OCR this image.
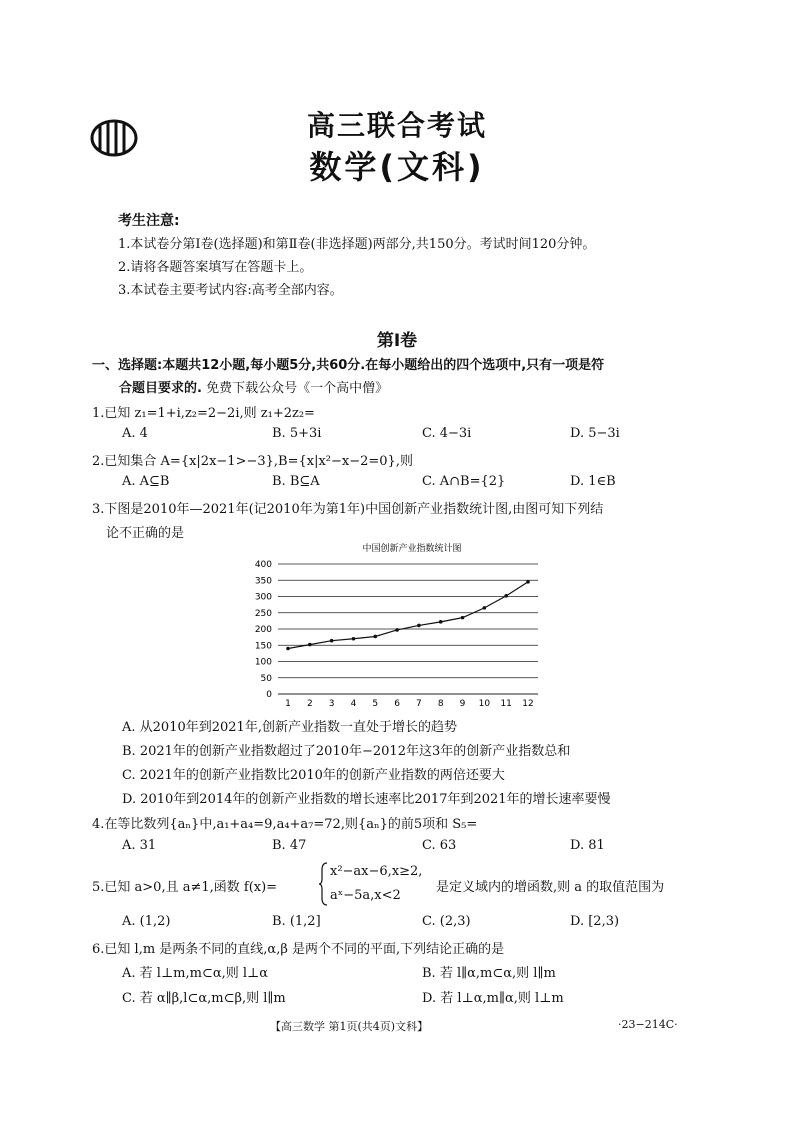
高三联合考试
数学(文科)
考生注意:
1.本试卷分第Ⅰ卷(选择题)和第Ⅱ卷(非选择题)两部分,共150分。考试时间120分钟。
2.请将各题答案填写在答题卡上。
3.本试卷主要考试内容:高考全部内容。
第Ⅰ卷
一、选择题:本题共12小题,每小题5分,共60分.在每小题给出的四个选项中,只有一项是符
合题目要求的. 免费下载公众号《一个高中僧》
1.已知 z₁=1+i,z₂=2−2i,则 z₁+2z₂=
A. 4	B. 5+3i	C. 4−3i	D. 5−3i
2.已知集合 A={x|2x−1>−3},B={x|x²−x−2=0},则
A. A⊆B	B. B⊆A	C. A∩B={2}	D. 1∈B
3.下图是2010年—2021年(记2010年为第1年)中国创新产业指数统计图,由图可知下列结
论不正确的是
中国创新产业指数统计图
0
50
100
150
200
250
300
350
400
1 2 3 4 5 6 7 8 9 10 11 12
A. 从2010年到2021年,创新产业指数一直处于增长的趋势
B. 2021年的创新产业指数超过了2010年−2012年这3年的创新产业指数总和
C. 2021年的创新产业指数比2010年的创新产业指数的两倍还要大
D. 2010年到2014年的创新产业指数的增长速率比2017年到2021年的增长速率要慢
4.在等比数列{aₙ}中,a₁+a₄=9,a₄+a₇=72,则{aₙ}的前5项和 S₅=
A. 31	B. 47	C. 63	D. 81
5.已知 a>0,且 a≠1,函数 f(x)=
x²−ax−6,x≥2,
aˣ−5a,x<2
是定义域内的增函数,则 a 的取值范围为
A. (1,2)	B. (1,2]	C. (2,3)	D. [2,3)
6.已知 l,m 是两条不同的直线,α,β 是两个不同的平面,下列结论正确的是
A. 若 l⊥m,m⊂α,则 l⊥α	B. 若 l∥α,m⊂α,则 l∥m
C. 若 α∥β,l⊂α,m⊂β,则 l∥m	D. 若 l⊥α,m∥α,则 l⊥m
【高三数学 第1页(共4页)文科】	·23−214C·
